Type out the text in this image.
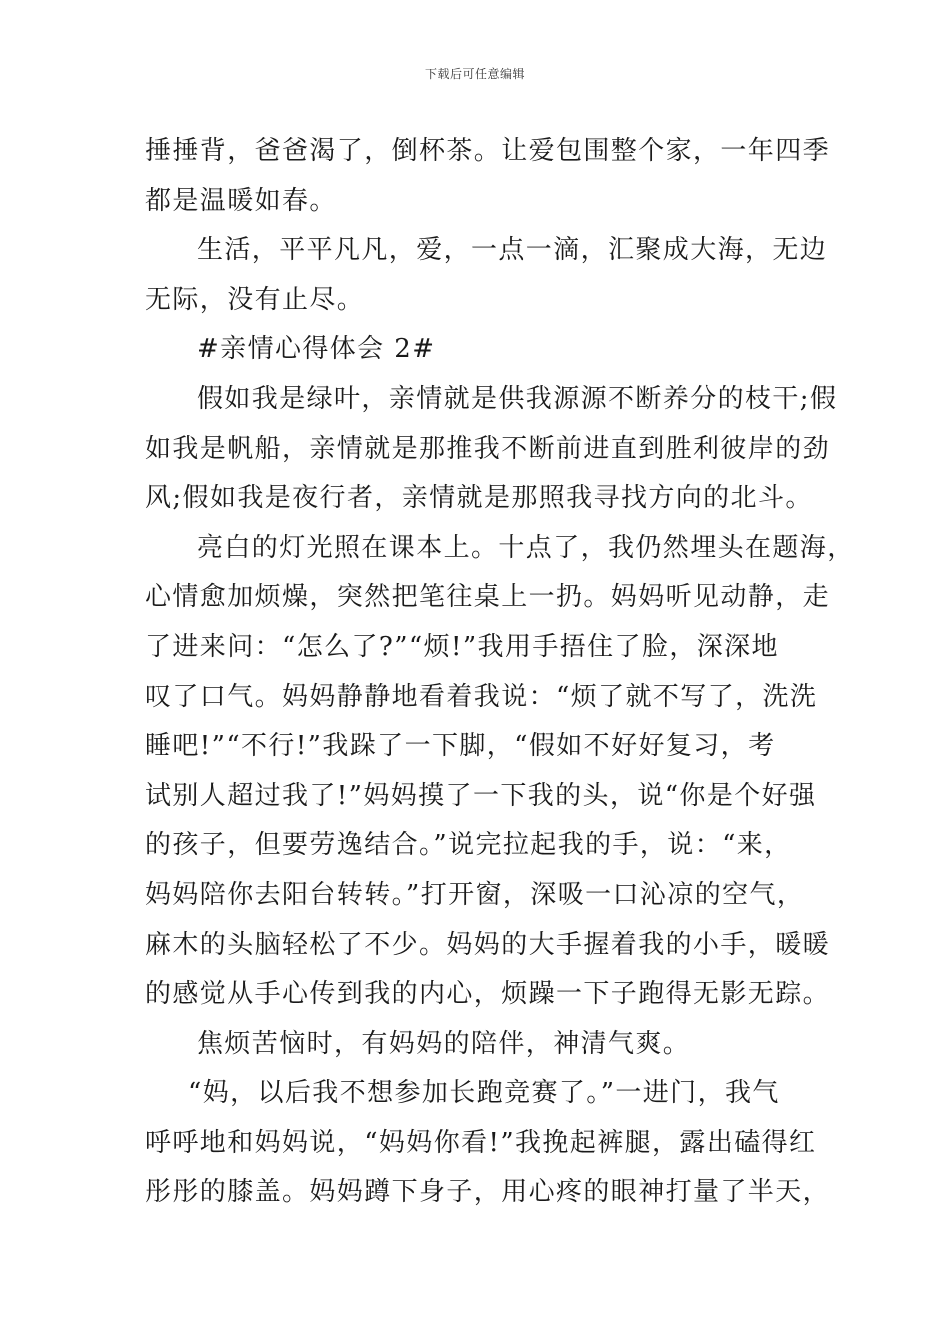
下载后可任意编辑
捶捶背，爸爸渴了，倒杯茶。让爱包围整个家，一年四季
都是温暖如春。
生活，平平凡凡，爱，一点一滴，汇聚成大海，无边
无际，没有止尽。
#亲情心得体会 2#
假如我是绿叶，亲情就是供我源源不断养分的枝干;假
如我是帆船，亲情就是那推我不断前进直到胜利彼岸的劲
风;假如我是夜行者，亲情就是那照我寻找方向的北斗。
亮白的灯光照在课本上。十点了，我仍然埋头在题海，
心情愈加烦燥，突然把笔往桌上一扔。妈妈听见动静，走
了进来问：“怎么了?”“烦!”我用手捂住了脸，深深地
叹了口气。妈妈静静地看着我说：“烦了就不写了，洗洗
睡吧!”“不行!”我跺了一下脚，“假如不好好复习，考
试别人超过我了!”妈妈摸了一下我的头，说“你是个好强
的孩子，但要劳逸结合。”说完拉起我的手，说：“来，
妈妈陪你去阳台转转。”打开窗，深吸一口沁凉的空气，
麻木的头脑轻松了不少。妈妈的大手握着我的小手，暖暖
的感觉从手心传到我的内心，烦躁一下子跑得无影无踪。
焦烦苦恼时，有妈妈的陪伴，神清气爽。
“妈，以后我不想参加长跑竞赛了。”一进门，我气
呼呼地和妈妈说，“妈妈你看!”我挽起裤腿，露出磕得红
彤彤的膝盖。妈妈蹲下身子，用心疼的眼神打量了半天，
